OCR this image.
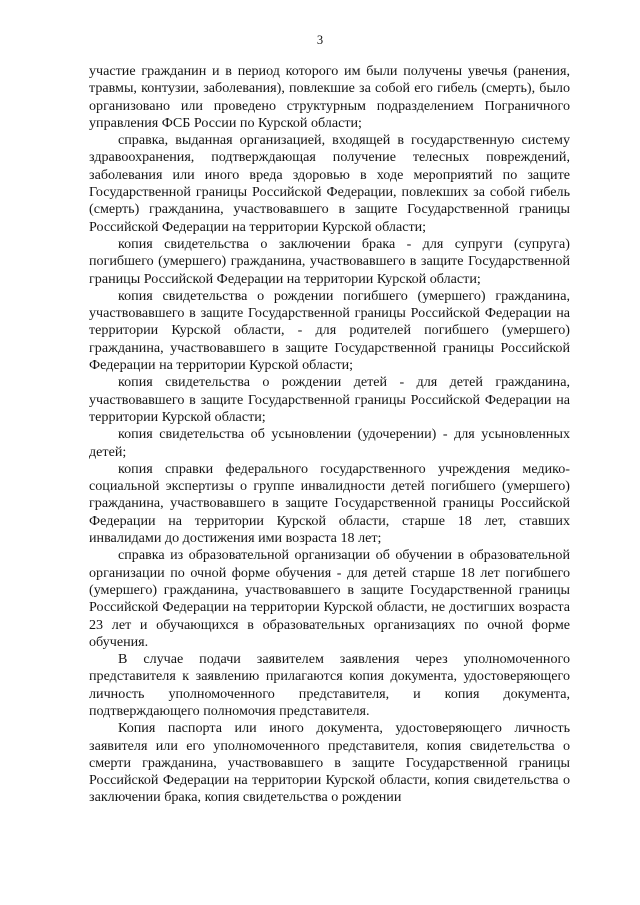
3

участие гражданин и в период которого им были получены увечья (ранения, травмы, контузии, заболевания), повлекшие за собой его гибель (смерть), было организовано или проведено структурным подразделением Пограничного управления ФСБ России по Курской области;

справка, выданная организацией, входящей в государственную систему здравоохранения, подтверждающая получение телесных повреждений, заболевания или иного вреда здоровью в ходе мероприятий по защите Государственной границы Российской Федерации, повлекших за собой гибель (смерть) гражданина, участвовавшего в защите Государственной границы Российской Федерации на территории Курской области;

копия свидетельства о заключении брака - для супруги (супруга) погибшего (умершего) гражданина, участвовавшего в защите Государственной границы Российской Федерации на территории Курской области;

копия свидетельства о рождении погибшего (умершего) гражданина, участвовавшего в защите Государственной границы Российской Федерации на территории Курской области, - для родителей погибшего (умершего) гражданина, участвовавшего в защите Государственной границы Российской Федерации на территории Курской области;

копия свидетельства о рождении детей - для детей гражданина, участвовавшего в защите Государственной границы Российской Федерации на территории Курской области;

копия свидетельства об усыновлении (удочерении) - для усыновленных детей;

копия справки федерального государственного учреждения медико-социальной экспертизы о группе инвалидности детей погибшего (умершего) гражданина, участвовавшего в защите Государственной границы Российской Федерации на территории Курской области, старше 18 лет, ставших инвалидами до достижения ими возраста 18 лет;

справка из образовательной организации об обучении в образовательной организации по очной форме обучения - для детей старше 18 лет погибшего (умершего) гражданина, участвовавшего в защите Государственной границы Российской Федерации на территории Курской области, не достигших возраста 23 лет и обучающихся в образовательных организациях по очной форме обучения.

В случае подачи заявителем заявления через уполномоченного представителя к заявлению прилагаются копия документа, удостоверяющего личность уполномоченного представителя, и копия документа, подтверждающего полномочия представителя.

Копия паспорта или иного документа, удостоверяющего личность заявителя или его уполномоченного представителя, копия свидетельства о смерти гражданина, участвовавшего в защите Государственной границы Российской Федерации на территории Курской области, копия свидетельства о заключении брака, копия свидетельства о рождении
